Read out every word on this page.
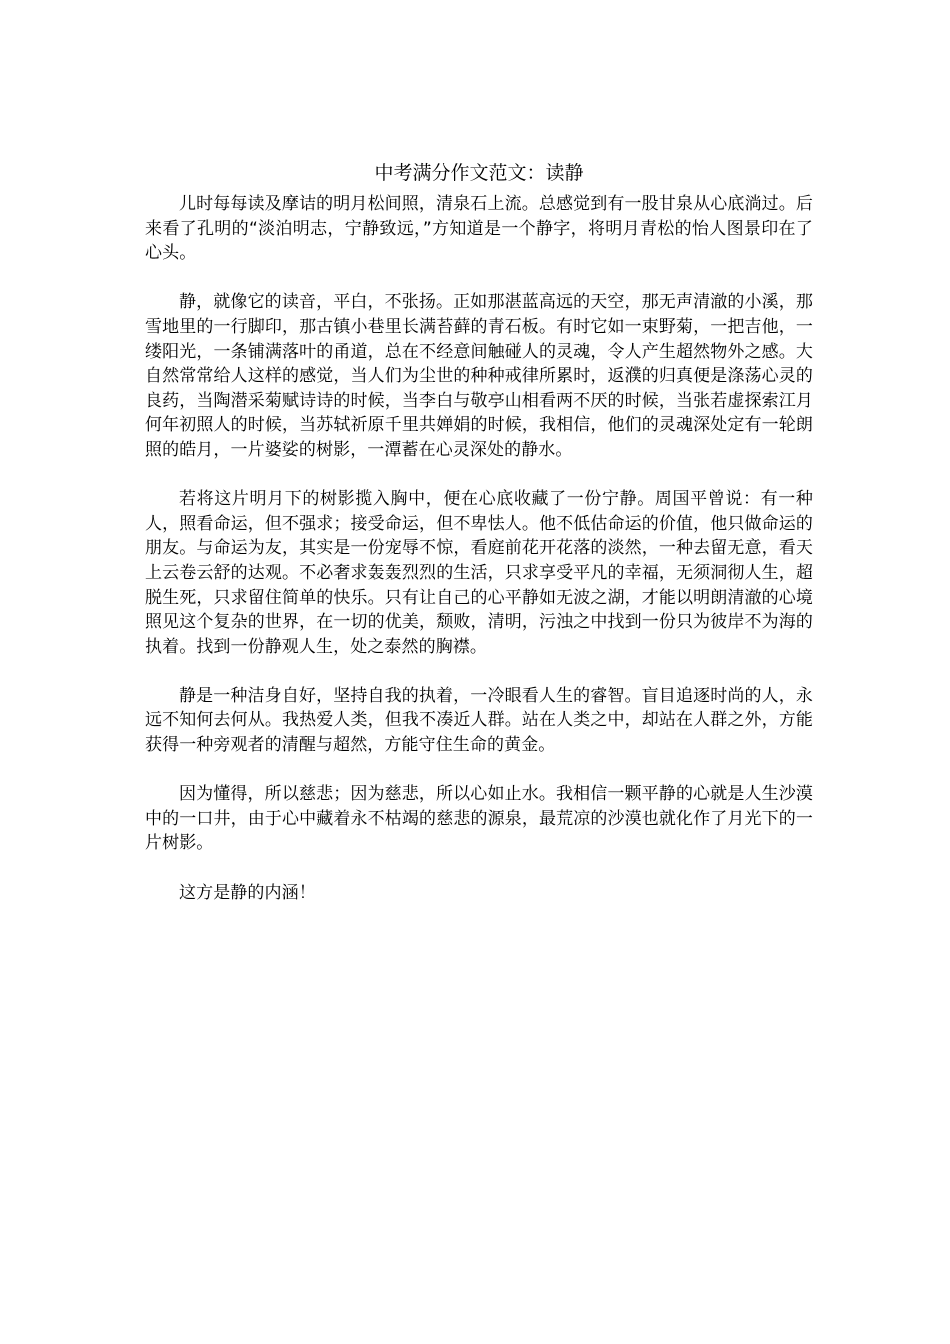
中考满分作文范文：读静

儿时每每读及摩诘的明月松间照，清泉石上流。总感觉到有一股甘泉从心底淌过。后来看了孔明的“淡泊明志，宁静致远，”方知道是一个静字，将明月青松的怡人图景印在了心头。

静，就像它的读音，平白，不张扬。正如那湛蓝高远的天空，那无声清澈的小溪，那雪地里的一行脚印，那古镇小巷里长满苔藓的青石板。有时它如一束野菊，一把吉他，一缕阳光，一条铺满落叶的甬道，总在不经意间触碰人的灵魂，令人产生超然物外之感。大自然常常给人这样的感觉，当人们为尘世的种种戒律所累时，返濮的归真便是涤荡心灵的良药，当陶潜采菊赋诗诗的时候，当李白与敬亭山相看两不厌的时候，当张若虚探索江月何年初照人的时候，当苏轼祈原千里共婵娟的时候，我相信，他们的灵魂深处定有一轮朗照的皓月，一片婆娑的树影，一潭蓄在心灵深处的静水。

若将这片明月下的树影揽入胸中，便在心底收藏了一份宁静。周国平曾说：有一种人，照看命运，但不强求；接受命运，但不卑怯人。他不低估命运的价值，他只做命运的朋友。与命运为友，其实是一份宠辱不惊，看庭前花开花落的淡然，一种去留无意，看天上云卷云舒的达观。不必奢求轰轰烈烈的生活，只求享受平凡的幸福，无须洞彻人生，超脱生死，只求留住简单的快乐。只有让自己的心平静如无波之湖，才能以明朗清澈的心境照见这个复杂的世界，在一切的优美，颓败，清明，污浊之中找到一份只为彼岸不为海的执着。找到一份静观人生，处之泰然的胸襟。

静是一种洁身自好，坚持自我的执着，一冷眼看人生的睿智。盲目追逐时尚的人，永远不知何去何从。我热爱人类，但我不凑近人群。站在人类之中，却站在人群之外，方能获得一种旁观者的清醒与超然，方能守住生命的黄金。

因为懂得，所以慈悲；因为慈悲，所以心如止水。我相信一颗平静的心就是人生沙漠中的一口井，由于心中藏着永不枯竭的慈悲的源泉，最荒凉的沙漠也就化作了月光下的一片树影。

这方是静的内涵！
